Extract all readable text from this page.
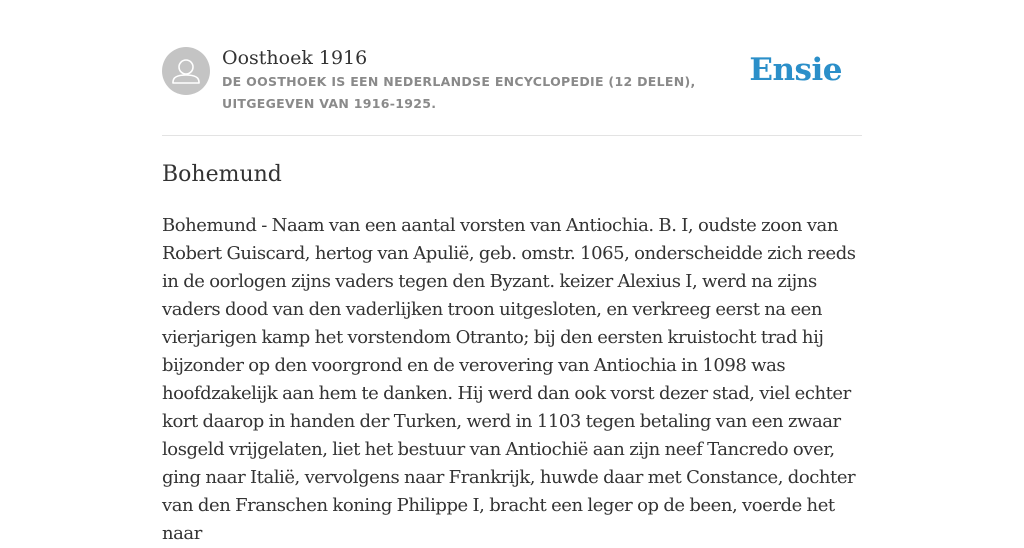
Oosthoek 1916
DE OOSTHOEK IS EEN NEDERLANDSE ENCYCLOPEDIE (12 DELEN), UITGEGEVEN VAN 1916-1925.
Ensie
Bohemund

Bohemund - Naam van een aantal vorsten van Antiochia. B. I, oudste zoon van Robert Guiscard, hertog van Apulië, geb. omstr. 1065, onderscheidde zich reeds in de oorlogen zijns vaders tegen den Byzant. keizer Alexius I, werd na zijns vaders dood van den vaderlijken troon uitgesloten, en verkreeg eerst na een vierjarigen kamp het vorstendom Otranto; bij den eersten kruistocht trad hij bijzonder op den voorgrond en de verovering van Antiochia in 1098 was hoofdzakelijk aan hem te danken. Hij werd dan ook vorst dezer stad, viel echter kort daarop in handen der Turken, werd in 1103 tegen betaling van een zwaar losgeld vrijgelaten, liet het bestuur van Antiochië aan zijn neef Tancredo over, ging naar Italië, vervolgens naar Frankrijk, huwde daar met Constance, dochter van den Franschen koning Philippe I, bracht een leger op de been, voerde het naar
